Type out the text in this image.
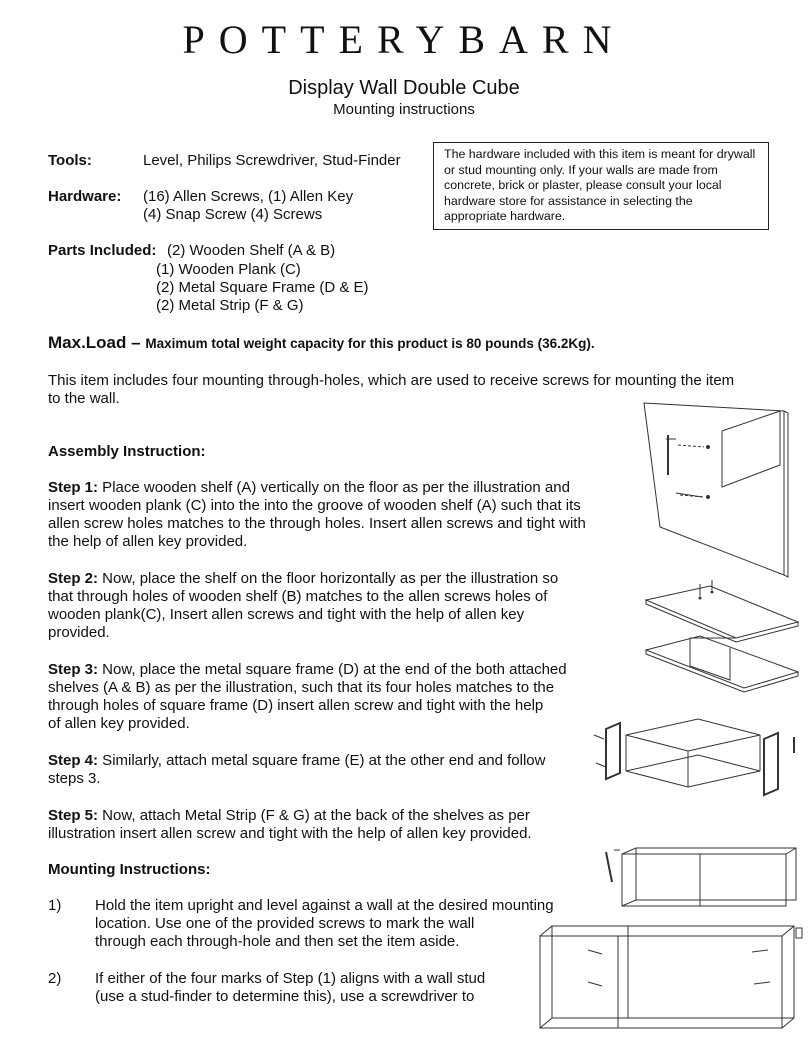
POTTERYBARN
Display Wall Double Cube
Mounting instructions
Tools:	Level, Philips Screwdriver, Stud-Finder
Hardware: (16) Allen Screws, (1) Allen Key
(4) Snap Screw (4) Screws
The hardware included with this item is meant for drywall or stud mounting only. If your walls are made from concrete, brick or plaster, please consult your local hardware store for assistance in selecting the appropriate hardware.
Parts Included: (2) Wooden Shelf (A & B)
(1) Wooden Plank (C)
(2) Metal Square Frame (D & E)
(2) Metal Strip (F & G)
Max.Load – Maximum total weight capacity for this product is 80 pounds (36.2Kg).
This item includes four mounting through-holes, which are used to receive screws for mounting the item
to the wall.
Assembly Instruction:
Step 1: Place wooden shelf (A) vertically on the floor as per the illustration and
insert wooden plank (C) into the into the groove of wooden shelf (A) such that its
allen screw holes matches to the through holes. Insert allen screws and tight with
the help of allen key provided.
Step 2: Now, place the shelf on the floor horizontally as per the illustration so
that through holes of wooden shelf (B) matches to the allen screws holes of
wooden plank(C), Insert allen screws and tight with the help of allen key
provided.
Step 3: Now, place the metal square frame (D) at the end of the both attached
shelves (A & B) as per the illustration, such that its four holes matches to the
through holes of square frame (D) insert allen screw and tight with the help
of allen key provided.
Step 4: Similarly, attach metal square frame (E) at the other end and follow
steps 3.
Step 5: Now, attach Metal Strip (F & G) at the back of the shelves as per
illustration insert allen screw and tight with the help of allen key provided.
Mounting Instructions:
1) Hold the item upright and level against a wall at the desired mounting
location. Use one of the provided screws to mark the wall
through each through-hole and then set the item aside.
2) If either of the four marks of Step (1) aligns with a wall stud
(use a stud-finder to determine this), use a screwdriver to
